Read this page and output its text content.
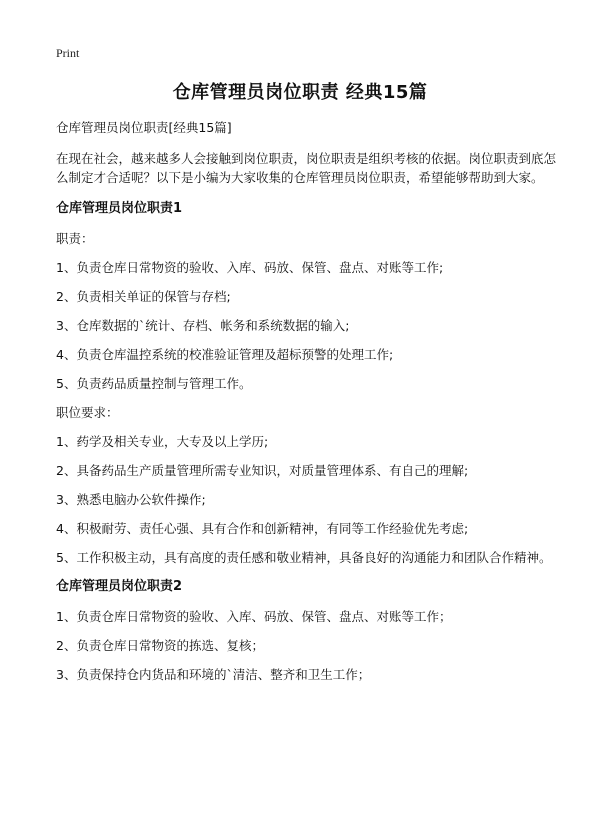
Print
仓库管理员岗位职责 经典15篇
仓库管理员岗位职责[经典15篇]
在现在社会，越来越多人会接触到岗位职责，岗位职责是组织考核的依据。岗位职责到底怎么制定才合适呢？以下是小编为大家收集的仓库管理员岗位职责，希望能够帮助到大家。
仓库管理员岗位职责1
职责：
1、负责仓库日常物资的验收、入库、码放、保管、盘点、对账等工作;
2、负责相关单证的保管与存档;
3、仓库数据的`统计、存档、帐务和系统数据的输入;
4、负责仓库温控系统的校准验证管理及超标预警的处理工作;
5、负责药品质量控制与管理工作。
职位要求：
1、药学及相关专业，大专及以上学历;
2、具备药品生产质量管理所需专业知识，对质量管理体系、有自己的理解;
3、熟悉电脑办公软件操作;
4、积极耐劳、责任心强、具有合作和创新精神，有同等工作经验优先考虑;
5、工作积极主动，具有高度的责任感和敬业精神，具备良好的沟通能力和团队合作精神。
仓库管理员岗位职责2
1、负责仓库日常物资的验收、入库、码放、保管、盘点、对账等工作；
2、负责仓库日常物资的拣选、复核；
3、负责保持仓内货品和环境的`清洁、整齐和卫生工作；
